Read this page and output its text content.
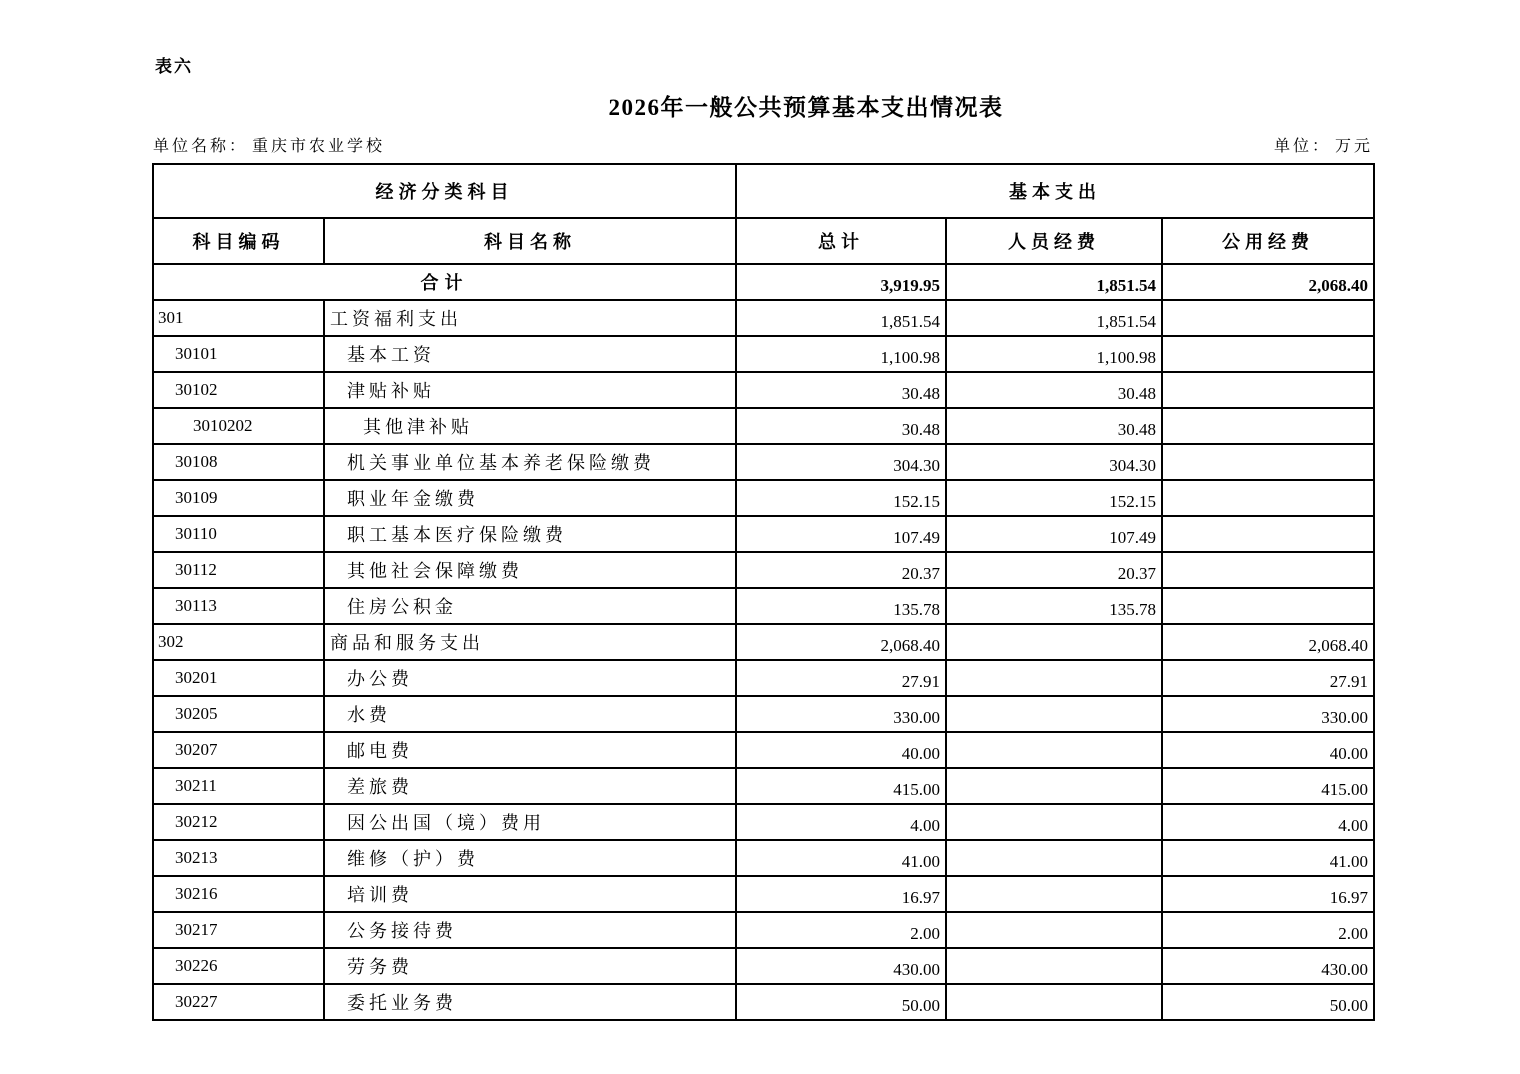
表六
2026年一般公共预算基本支出情况表
单位名称： 重庆市农业学校	单位： 万元
经济分类科目		基本支出		
科目编码	科目名称	总计	人员经费	公用经费
合计		3,919.95	1,851.54	2,068.40
301	工资福利支出	1,851.54	1,851.54	
30101	基本工资	1,100.98	1,100.98	
30102	津贴补贴	30.48	30.48	
3010202	其他津补贴	30.48	30.48	
30108	机关事业单位基本养老保险缴费	304.30	304.30	
30109	职业年金缴费	152.15	152.15	
30110	职工基本医疗保险缴费	107.49	107.49	
30112	其他社会保障缴费	20.37	20.37	
30113	住房公积金	135.78	135.78	
302	商品和服务支出	2,068.40		2,068.40
30201	办公费	27.91		27.91
30205	水费	330.00		330.00
30207	邮电费	40.00		40.00
30211	差旅费	415.00		415.00
30212	因公出国（境）费用	4.00		4.00
30213	维修（护）费	41.00		41.00
30216	培训费	16.97		16.97
30217	公务接待费	2.00		2.00
30226	劳务费	430.00		430.00
30227	委托业务费	50.00		50.00
